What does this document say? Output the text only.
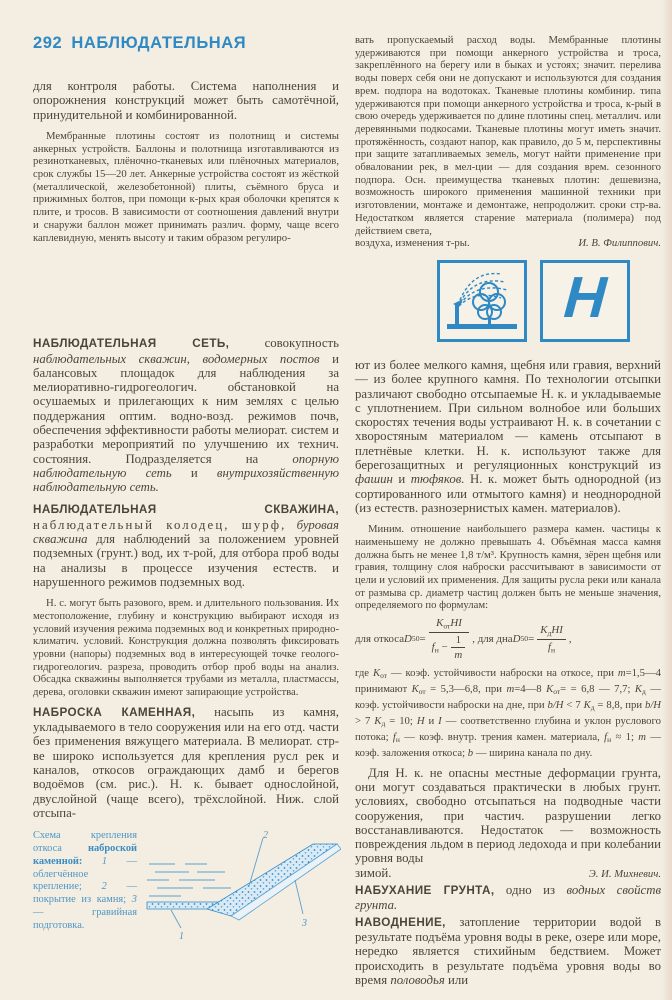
292 НАБЛЮДАТЕЛЬНАЯ

для контроля работы. Система наполнения и опорожнения конструкций может быть самотёчной, принудительной и комбинированной.

Мембранные плотины состоят из полотнищ и системы анкерных устройств. Баллоны и полотнища изготавливаются из резинотканевых, плёночно-тканевых или плёночных материалов, срок службы 15—20 лет. Анкерные устройства состоят из жёсткой (металлической, железобетонной) плиты, съёмного бруса и прижимных болтов, при помощи к-рых края оболочки крепятся к плите, и тросов. В зависимости от соотношения давлений внутри и снаружи баллон может принимать различ. форму, чаще всего каплевидную, менять высоту и таким образом регулиро-

НАБЛЮДАТЕЛЬНАЯ СЕТЬ, совокупность наблюдательных скважин, водомерных постов и балансовых площадок для наблюдения за мелиоративно-гидрогеологич. обстановкой на осушаемых и прилегающих к ним землях с целью поддержания оптим. водно-возд. режимов почв, обеспечения эффективности работы мелиорат. систем и разработки мероприятий по улучшению их технич. состояния. Подразделяется на опорную наблюдательную сеть и внутрихозяйственную наблюдательную сеть.

НАБЛЮДАТЕЛЬНАЯ СКВАЖИНА, наблюдательный колодец, шурф, буровая скважина для наблюдений за положением уровней подземных (грунт.) вод, их т-рой, для отбора проб воды на анализы в процессе изучения естеств. и нарушенного режимов подземных вод.

Н. с. могут быть разового, врем. и длительного пользования. Их местоположение, глубину и конструкцию выбирают исходя из условий изучения режима подземных вод и конкретных природно-климатич. условий. Конструкция должна позволять фиксировать уровни (напоры) подземных вод в интересующей точке геолого-гидрогеологич. разреза, проводить отбор проб воды на анализ. Обсадка скважины выполняется трубами из металла, пластмассы, дерева, оголовки скважин имеют запирающие устройства.

НАБРОСКА КАМЕННАЯ, насыпь из камня, укладываемого в тело сооружения или на его отд. части без применения вяжущего материала. В мелиорат. стр-ве широко используется для крепления русл рек и каналов, откосов ограждающих дамб и берегов водоёмов (см. рис.). Н. к. бывает однослойной, двуслойной (чаще всего), трёхслойной. Ниж. слой отсыпа-

Схема крепления откоса наброской каменной: 1 — облегчённое крепление; 2 — покрытие из камня; 3 — гравийная подготовка.
2
3
1

вать пропускаемый расход воды. Мембранные плотины удерживаются при помощи анкерного устройства и троса, закреплённого на берегу или в быках и устоях; значит. перелива воды поверх себя они не допускают и используются для создания врем. подпора на водотоках. Тканевые плотины комбинир. типа удерживаются при помощи анкерного устройства и троса, к-рый в свою очередь удерживается по длине плотины спец. металлич. или деревянными подкосами. Тканевые плотины могут иметь значит. протяжённость, создают напор, как правило, до 5 м, перспективны при защите затапливаемых земель, могут найти применение при обваловании рек, в мел-ции — для создания врем. сезонного подпора. Осн. преимущества тканевых плотин: дешевизна, возможность широкого применения машинной техники при изготовлении, монтаже и демонтаже, непродолжит. сроки стр-ва. Недостатком является старение материала (полимера) под действием света,

воздуха, изменения т-ры.	И. В. Филиппович.
Н

ют из более мелкого камня, щебня или гравия, верхний — из более крупного камня. По технологии отсыпки различают свободно отсыпаемые Н. к. и укладываемые с уплотнением. При сильном волнобое или больших скоростях течения воды устраивают Н. к. в сочетании с хворостяным материалом — камень отсыпают в плетнёвые клетки. Н. к. используют также для берегозащитных и регуляционных конструкций из фашин и тюфяков. Н. к. может быть однородной (из сортированного или отмытого камня) и неоднородной (из естеств. разнозернистых камен. материалов).

Миним. отношение наибольшего размера камен. частицы к наименьшему не должно превышать 4. Объёмная масса камня должна быть не менее 1,8 т/м³. Крупность камня, зёрен щебня или гравия, толщину слоя наброски рассчитывают в зависимости от цели и условий их применения. Для защиты русла реки или канала от размыва ср. диаметр частиц должен быть не меньше значения, определяемого по формулам:

для откоса D $50 = \frac{K_{от}HI}{f_н - \frac{1}{m}}$ , для дна D $50 = \frac{K_дHI}{f_н}$ ,

где $K_{от}$ — коэф. устойчивости наброски на откосе, при m=1,5—4 принимают $K_{от}$ = 5,3—6,8, при m=4—8 $K_{от}= = 6,8$ — 7,7; $K_д$ — коэф. устойчивости наброски на дне, при b/H < 7 $K_д = 8,8$, при b/H > 7 $K_д = 10$; H и I — соответственно глубина и уклон руслового потока; $f_н$ — коэф. внутр. трения камен. материала, $f_н \approx 1$; m — коэф. заложения откоса; b — ширина канала по дну.

Для Н. к. не опасны местные деформации грунта, они могут создаваться практически в любых грунт. условиях, свободно отсыпаться на подводные части сооружения, при частич. разрушении легко восстанавливаются. Недостаток — возможность повреждения льдом в период ледохода и при колебании уровня воды

зимой.	Э. И. Михневич.

НАБУХАНИЕ ГРУНТА, одно из водных свойств грунта.

НАВОДНЕНИЕ, затопление территории водой в результате подъёма уровня воды в реке, озере или море, нередко является стихийным бедствием. Может происходить в результате подъёма уровня воды во время половодья или
